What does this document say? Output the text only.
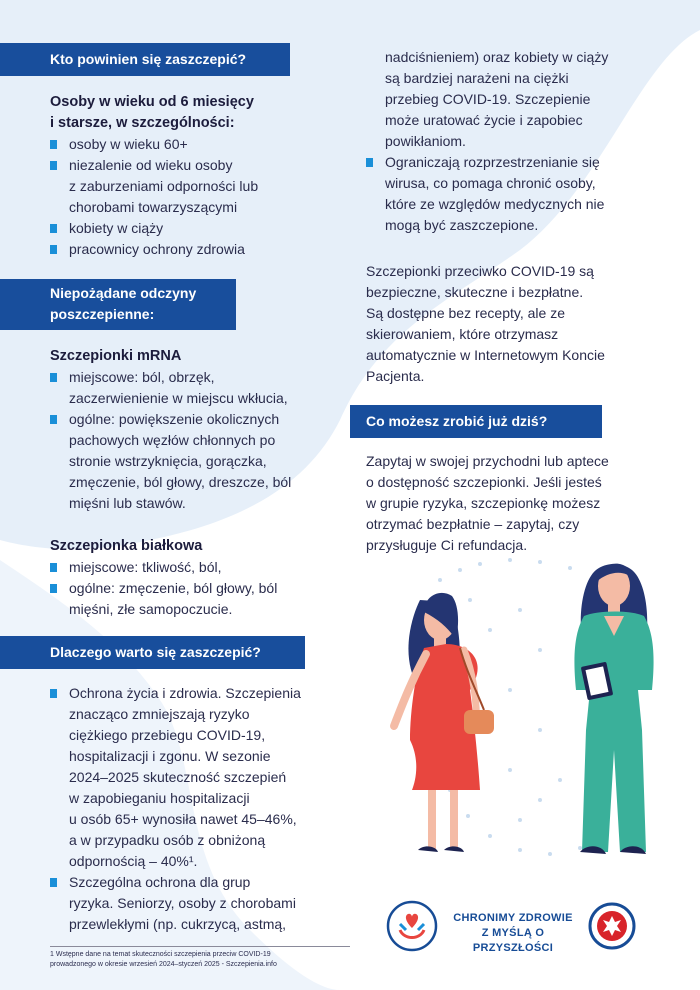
Kto powinien się zaszczepić?
Osoby w wieku od 6 miesięcy
i starsze, w szczególności:
osoby w wieku 60+
niezalenie od wieku osoby
z zaburzeniami odporności lub
chorobami towarzyszącymi
kobiety w ciąży
pracownicy ochrony zdrowia
Niepożądane odczyny
poszczepienne:
Szczepionki mRNA
miejscowe: ból, obrzęk,
zaczerwienienie w miejscu wkłucia,
ogólne: powiększenie okolicznych
pachowych węzłów chłonnych po
stronie wstrzyknięcia, gorączka,
zmęczenie, ból głowy, dreszcze, ból
mięśni lub stawów.
Szczepionka białkowa
miejscowe: tkliwość, ból,
ogólne: zmęczenie, ból głowy, ból
mięśni, złe samopoczucie.
Dlaczego warto się zaszczepić?
Ochrona życia i zdrowia. Szczepienia
znacząco zmniejszają ryzyko
ciężkiego przebiegu COVID-19,
hospitalizacji i zgonu. W sezonie
2024–2025 skuteczność szczepień
w zapobieganiu hospitalizacji
u osób 65+ wynosiła nawet 45–46%,
a w przypadku osób z obniżoną
odpornością – 40%¹.
Szczególna ochrona dla grup
ryzyka. Seniorzy, osoby z chorobami
przewlekłymi (np. cukrzycą, astmą,
nadciśnieniem) oraz kobiety w ciąży
są bardziej narażeni na ciężki
przebieg COVID-19. Szczepienie
może uratować życie i zapobiec
powikłaniom.
Ograniczają rozprzestrzenianie się
wirusa, co pomaga chronić osoby,
które ze względów medycznych nie
mogą być zaszczepione.

Szczepionki przeciwko COVID-19 są
bezpieczne, skuteczne i bezpłatne.
Są dostępne bez recepty, ale ze
skierowaniem, które otrzymasz
automatycznie w Internetowym Koncie
Pacjenta.

Co możesz zrobić już dziś?

Zapytaj w swojej przychodni lub aptece
o dostępność szczepionki. Jeśli jesteś
w grupie ryzyka, szczepionkę możesz
otrzymać bezpłatnie – zapytaj, czy
przysługuje Ci refundacja.

CHRONIMY ZDROWIE
Z MYŚLĄ O PRZYSZŁOŚCI
1 Wstępne dane na temat skuteczności szczepienia przeciw COVID-19
prowadzonego w okresie wrzesień 2024–styczeń 2025 - Szczepienia.info
